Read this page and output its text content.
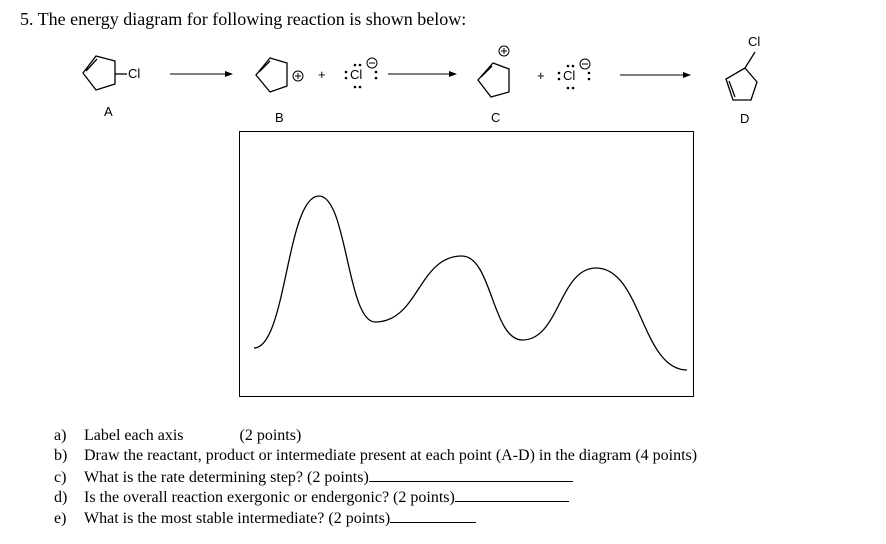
5. The energy diagram for following reaction is shown below:
Cl	+ Cl	+ Cl
Cl
A	B	C	D
a) Label each axis	(2 points)
b) Draw the reactant, product or intermediate present at each point (A-D) in the diagram (4 points)
c) What is the rate determining step? (2 points)
d) Is the overall reaction exergonic or endergonic? (2 points)
e) What is the most stable intermediate? (2 points)
